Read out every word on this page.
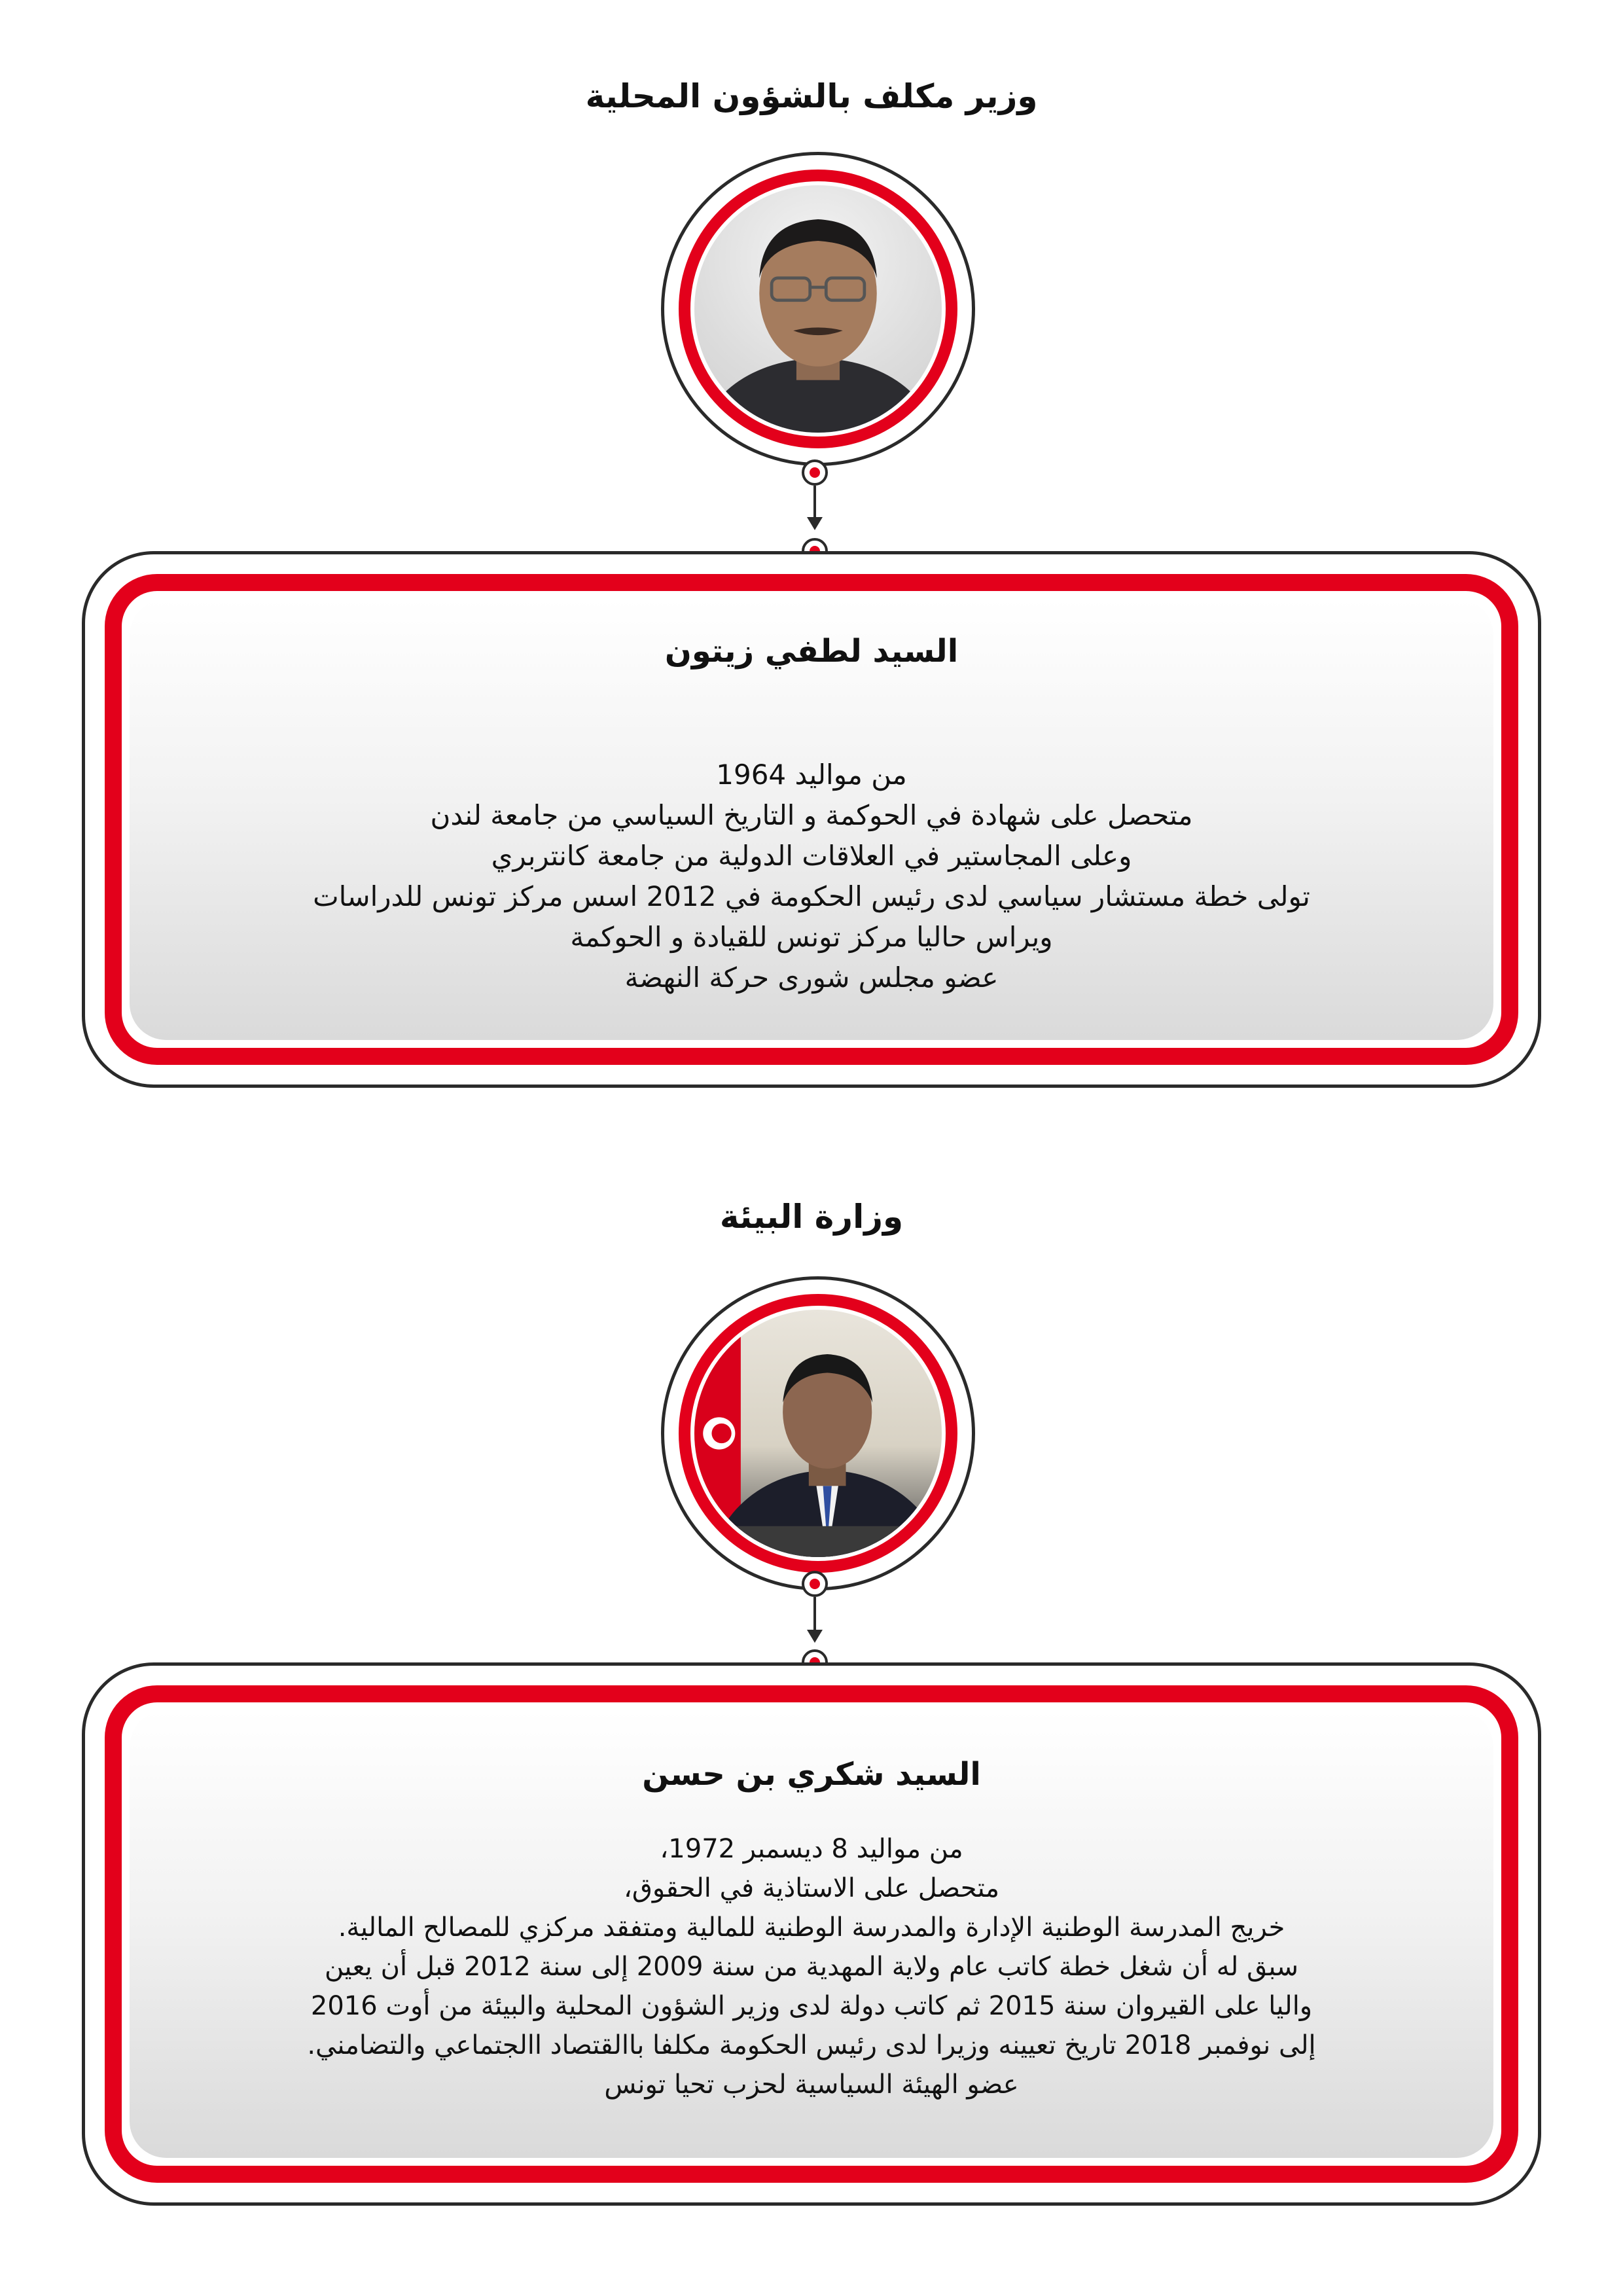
وزير مكلف بالشؤون المحلية
السيد لطفي زيتون
من مواليد 1964
متحصل على شهادة في الحوكمة و التاريخ السياسي من جامعة لندن
وعلى المجاستير في العلاقات الدولية من جامعة كانتربري
تولى خطة مستشار سياسي لدى رئيس الحكومة في 2012 اسس مركز تونس للدراسات
ويراس حاليا مركز تونس للقيادة و الحوكمة
عضو مجلس شورى حركة النهضة
وزارة البيئة
السيد شكري بن حسن
من مواليد 8 ديسمبر 1972،
متحصل على الاستاذية في الحقوق،
خريج المدرسة الوطنية الإدارة والمدرسة الوطنية للمالية ومتفقد مركزي للمصالح المالية.
سبق له أن شغل خطة كاتب عام ولاية المهدية من سنة 2009 إلى سنة 2012 قبل أن يعين
واليا على القيروان سنة 2015 ثم كاتب دولة لدى وزير الشؤون المحلية والبيئة من أوت 2016
إلى نوفمبر 2018 تاريخ تعيينه وزيرا لدى رئيس الحكومة مكلفا باالقتصاد االجتماعي والتضامني.
عضو الهيئة السياسية لحزب تحيا تونس
